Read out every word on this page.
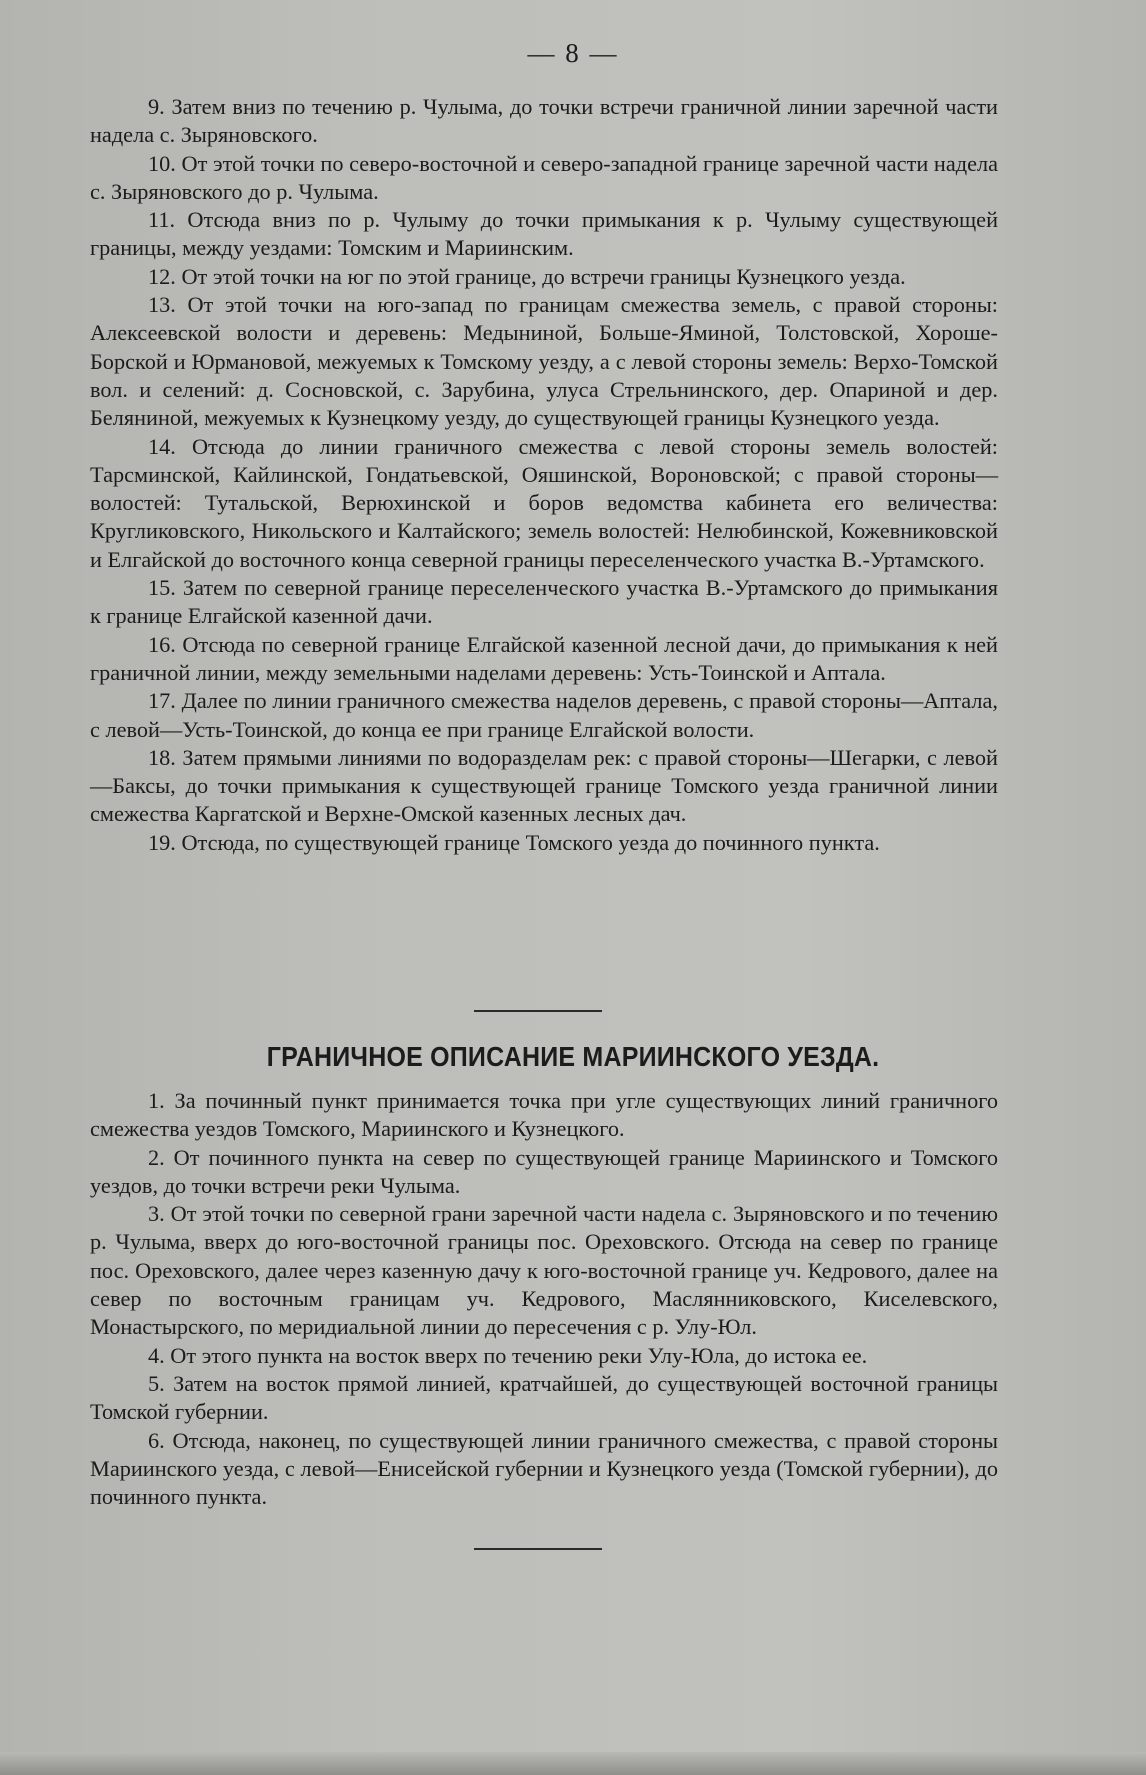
— 8 —

9. Затем вниз по течению р. Чулыма, до точки встречи граничной линии заречной части надела с. Зыряновского.

10. От этой точки по северо-восточной и северо-западной границе заречной части надела с. Зыряновского до р. Чулыма.

11. Отсюда вниз по р. Чулыму до точки примыкания к р. Чулыму существующей границы, между уездами: Томским и Мариинским.

12. От этой точки на юг по этой границе, до встречи границы Кузнецкого уезда.

13. От этой точки на юго-запад по границам смежества земель, с правой стороны: Алексеевской волости и деревень: Медыниной, Больше-Яминой, Толстовской, Хороше-Борской и Юрмановой, межуемых к Томскому уезду, а с левой стороны земель: Верхо-Томской вол. и селений: д. Сосновской, с. Зарубина, улуса Стрельнинского, дер. Опариной и дер. Беляниной, межуемых к Кузнецкому уезду, до существующей границы Кузнецкого уезда.

14. Отсюда до линии граничного смежества с левой стороны земель волостей: Тарсминской, Кайлинской, Гондатьевской, Ояшинской, Вороновской; с правой стороны—волостей: Тутальской, Верюхинской и боров ведомства кабинета его величества: Кругликовского, Никольского и Калтайского; земель волостей: Нелюбинской, Кожевниковской и Елгайской до восточного конца северной границы переселенческого участка В.-Уртамского.

15. Затем по северной границе переселенческого участка В.-Уртамского до примыкания к границе Елгайской казенной дачи.

16. Отсюда по северной границе Елгайской казенной лесной дачи, до примыкания к ней граничной линии, между земельными наделами деревень: Усть-Тоинской и Аптала.

17. Далее по линии граничного смежества наделов деревень, с правой стороны—Аптала, с левой—Усть-Тоинской, до конца ее при границе Елгайской волости.

18. Затем прямыми линиями по водоразделам рек: с правой стороны—Шегарки, с левой—Баксы, до точки примыкания к существующей границе Томского уезда граничной линии смежества Каргатской и Верхне-Омской казенных лесных дач.

19. Отсюда, по существующей границе Томского уезда до починного пункта.

ГРАНИЧНОЕ ОПИСАНИЕ МАРИИНСКОГО УЕЗДА.

1. За починный пункт принимается точка при угле существующих линий граничного смежества уездов Томского, Мариинского и Кузнецкого.

2. От починного пункта на север по существующей границе Мариинского и Томского уездов, до точки встречи реки Чулыма.

3. От этой точки по северной грани заречной части надела с. Зыряновского и по течению р. Чулыма, вверх до юго-восточной границы пос. Ореховского. Отсюда на север по границе пос. Ореховского, далее через казенную дачу к юго-восточной границе уч. Кедрового, далее на север по восточным границам уч. Кедрового, Маслянниковского, Киселевского, Монастырского, по меридиальной линии до пересечения с р. Улу-Юл.

4. От этого пункта на восток вверх по течению реки Улу-Юла, до истока ее.

5. Затем на восток прямой линией, кратчайшей, до существующей восточной границы Томской губернии.

6. Отсюда, наконец, по существующей линии граничного смежества, с правой стороны Мариинского уезда, с левой—Енисейской губернии и Кузнецкого уезда (Томской губернии), до починного пункта.
